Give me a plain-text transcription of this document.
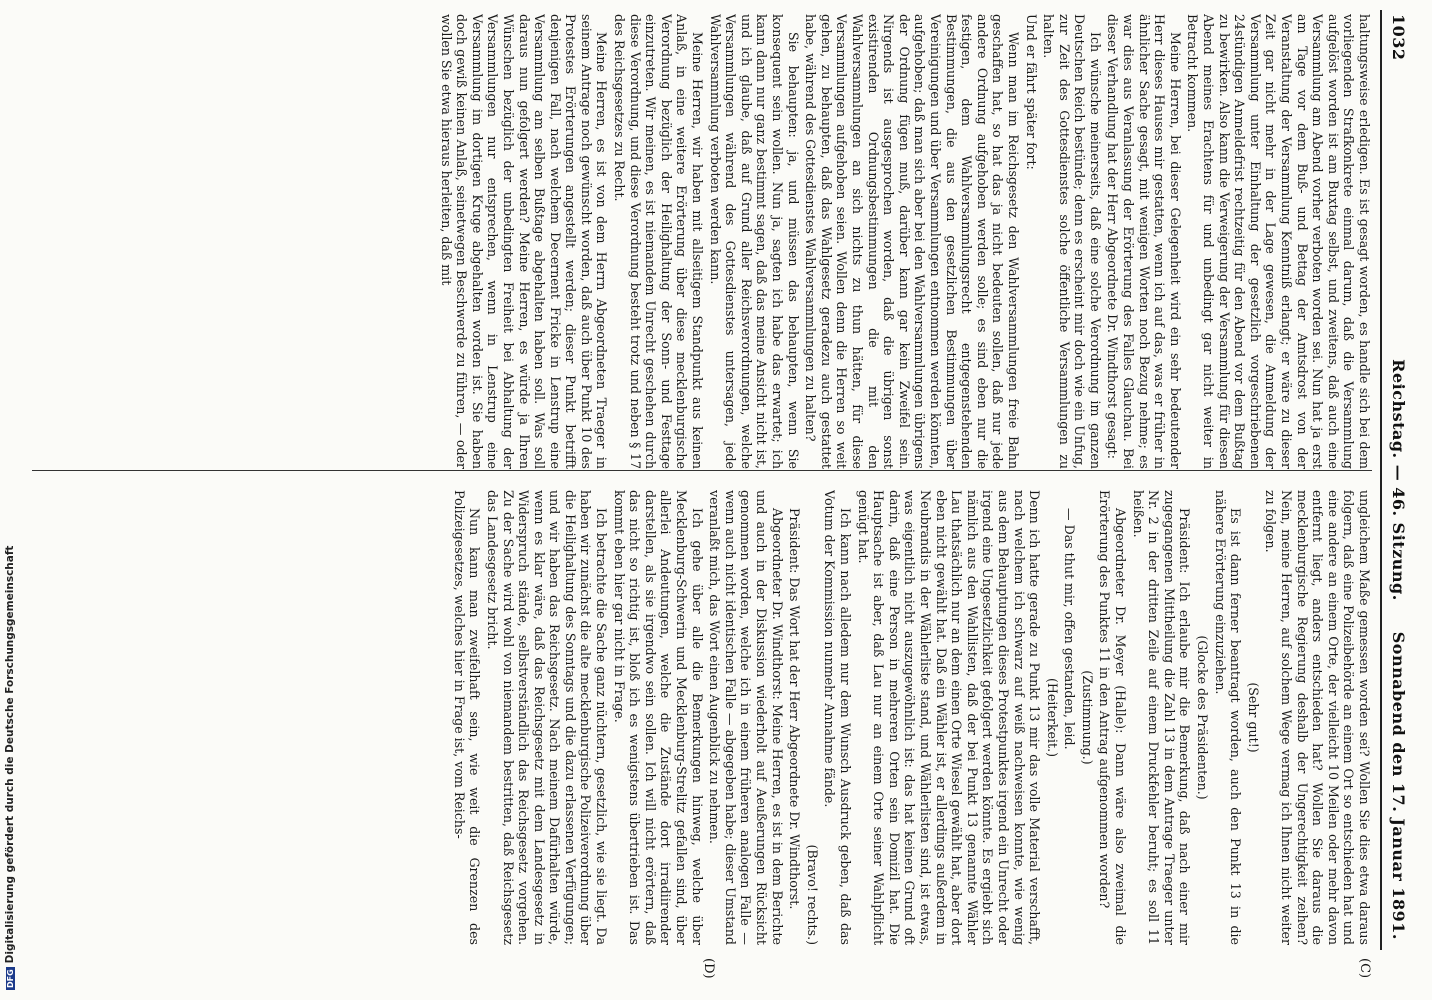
1032
Reichstag. — 46. Sitzung.
Sonnabend den 17. Januar 1891.
(C)
(D)

haltungsweise erledigen. Es ist gesagt worden, es handle sich bei dem vorliegenden Strafkonkrete einmal darum, daß die Versammlung aufgelöst worden ist am Buxtag selbst, und zweitens, daß auch eine Versammlung am Abend vorher verboten worden sei. Nun hat ja erst am Tage vor dem Buß- und Bettag der Amtsdrost von der Veranstaltung der Versammlung Kenntniß erlangt; er wäre zu dieser Zeit gar nicht mehr in der Lage gewesen, die Anmeldung der Versammlung unter Einhaltung der gesetzlich vorgeschriebenen 24stündigen Anmeldefrist rechtzeitig für den Abend vor dem Bußtag zu bewirken. Also kann die Verweigerung der Versammlung für diesen Abend meines Erachtens für und unbedingt gar nicht weiter in Betracht kommen.

Meine Herren, bei dieser Gelegenheit wird ein sehr bedeutender Herr dieses Hauses mir gestatten, wenn ich auf das, was er früher in ähnlicher Sache gesagt, mit wenigen Worten noch Bezug nehme; es war dies aus Veranlassung der Erörterung des Falles Glauchau. Bei dieser Verhandlung hat der Herr Abgeordnete Dr. Windthorst gesagt:

Ich wünsche meinerseits, daß eine solche Verordnung im ganzen Deutschen Reich bestünde; denn es erscheint mir doch wie ein Unfug, zur Zeit des Gottesdienstes solche öffentliche Versammlungen zu halten.

Und er fährt später fort:

Wenn man im Reichsgesetz den Wahlversammlungen freie Bahn geschaffen hat, so hat das ja nicht bedeuten sollen, daß nur jede andere Ordnung aufgehoben werden solle; es sind eben nur die festigen, dem Wahlversammlungsrecht entgegenstehenden Bestimmungen, die aus den gesetzlichen Bestimmungen über Vereinigungen und über Versammlungen entnommen werden könnten, aufgehoben; daß man sich aber bei den Wahlversammlungen übrigens der Ordnung fügen muß, darüber kann gar kein Zweifel sein. Nirgends ist ausgesprochen worden, daß die übrigen sonst existirenden Ordnungsbestimmungen die mit den Wahlversammlungen an sich nichts zu thun hätten, für diese Versammlungen aufgehoben seien. Wollen denn die Herren so weit gehen, zu behaupten, daß das Wahlgesetz geradezu auch gestattet habe, während des Gottesdienstes Wahlversammlungen zu halten?

Sie behaupten: ja, und müssen das behaupten, wenn Sie konsequent sein wollen. Nun ja, sagten ich habe das erwartet; ich kann dann nur ganz bestimmt sagen, daß das meine Ansicht nicht ist, und ich glaube, daß auf Grund aller Reichsverordnungen, welche Versammlungen während des Gottesdienstes untersagen, jede Wahlversammlung verboten werden kann.

Meine Herren, wir haben mit allseitigem Standpunkt aus keinen Anlaß, in eine weitere Erörterung über diese mecklenburgische Verordnung bezüglich der Heilighaltung der Sonn- und Festtage einzutreten. Wir meinen, es ist niemandem Unrecht geschehen durch diese Verordnung, und diese Verordnung besteht trotz und neben § 17 des Reichsgesetzes zu Recht.

Meine Herren, es ist von dem Herrn Abgeordneten Traeger in seinem Antrage noch gewünscht worden, daß auch über Punkt 10 des Protestes Erörterungen angestellt werden; dieser Punkt betrifft denjenigen Fall, nach welchem Decernent Fricke in Lenstrup eine Versammlung am selben Bußtage abgehalten haben soll. Was soll daraus nun gefolgert werden? Meine Herren, es würde ja Ihren Wünschen bezüglich der unbedingten Freiheit bei Abhaltung der Versammlungen nur entsprechen, wenn in Lenstrup eine Versammlung im dortigen Kruge abgehalten worden ist. Sie haben doch gewiß keinen Anlaß, seinetwegen Beschwerde zu führen, — oder wollen Sie etwa hieraus herleiten, daß mit

ungleichem Maße gemessen worden sei? Wollen Sie dies etwa daraus folgern, daß eine Polizeibehörde an einem Ort so entschieden hat und eine andere an einem Orte, der vielleicht 10 Meilen oder mehr davon entfernt liegt, anders entschieden hat? Wollen Sie daraus die mecklenburgische Regierung deshalb der Ungerechtigkeit zeihen? Nein, meine Herren, auf solchem Wege vermag ich Ihnen nicht weiter zu folgen.

(Sehr gut!)

Es ist dann ferner beantragt worden, auch den Punkt 13 in die nähere Erörterung einzuziehen.

(Glocke des Präsidenten.)

Präsident: Ich erlaube mir die Bemerkung, daß nach einer mir zugegangenen Mittheilung die Zahl 13 in dem Antrage Traeger unter Nr. 2 in der dritten Zeile auf einem Druckfehler beruht; es soll 11 heißen.

Abgeordneter Dr. Meyer (Halle): Dann wäre also zweimal die Erörterung des Punktes 11 in den Antrag aufgenommen worden?

(Zustimmung.)

— Das thut mir, offen gestanden, leid.

(Heiterkeit.)

Denn ich hatte gerade zu Punkt 13 mir das volle Material verschafft, nach welchem ich schwarz auf weiß nachweisen konnte, wie wenig aus dem Behauptungen dieses Protestpunktes irgend ein Unrecht oder irgend eine Ungesetzlichkeit gefolgert werden könnte. Es ergiebt sich nämlich aus den Wahllisten, daß der bei Punkt 13 genannte Wähler Lau thatsächlich nur an dem einen Orte Wiesel gewählt hat, aber dort eben nicht gewählt hat. Daß ein Wähler ist, er allerdings außerdem in Neubrandis in der Wählerliste stand, und Wählerlisten sind, ist etwas, was eigentlich nicht auszugewöhnlich ist: das hat keinen Grund oft darin, daß eine Person in mehreren Orten sein Domizil hat. Die Hauptsache ist aber, daß Lau nur an einem Orte seiner Wahlpflicht genügt hat.

Ich kann nach alledem nur dem Wunsch Ausdruck geben, daß das Votum der Kommission nunmehr Annahme fände.

(Bravo! rechts.)

Präsident: Das Wort hat der Herr Abgeordnete Dr. Windthorst.

Abgeordneter Dr. Windthorst: Meine Herren, es ist in dem Berichte und auch in der Diskussion wiederholt auf Aeußerungen Rücksicht genommen worden, welche ich in einem früheren analogen Falle — wenn auch nicht identischen Falle — abgegeben habe; dieser Umstand veranlaßt mich, das Wort einen Augenblick zu nehmen.

Ich gehe über alle die Bemerkungen hinweg, welche über Mecklenburg-Schwerin und Mecklenburg-Strelitz gefallen sind, über allerlei Andeutungen, welche die Zustände dort irradiirender darstellen, als sie irgendwo sein sollen. Ich will nicht erörtern, daß das nicht so richtig ist, bloß ich es wenigstens übertrieben ist. Das kommt eben hier gar nicht in Frage.

Ich betrachte die Sache ganz nüchtern, gesetzlich, wie sie liegt. Da haben wir zunächst die alte mecklenburgische Polizeiverordnung über die Heilighaltung des Sonntags und die dazu erlassenen Verfügungen; und wir haben das Reichsgesetz. Nach meinem Dafürhalten würde, wenn es klar wäre, daß das Reichsgesetz mit dem Landesgesetz in Widerspruch stände, selbstverständlich das Reichsgesetz vorgehen. Zu der Sache wird wohl von niemandem bestritten, daß Reichsgesetz das Landesgesetz bricht.

Nun kann man zweifelhaft sein, wie weit die Grenzen des Polizeigesetzes, welches hier in Frage ist, vom Reichs-

DFGDigitalisierung gefördert durch die Deutsche Forschungsgemeinschaft
